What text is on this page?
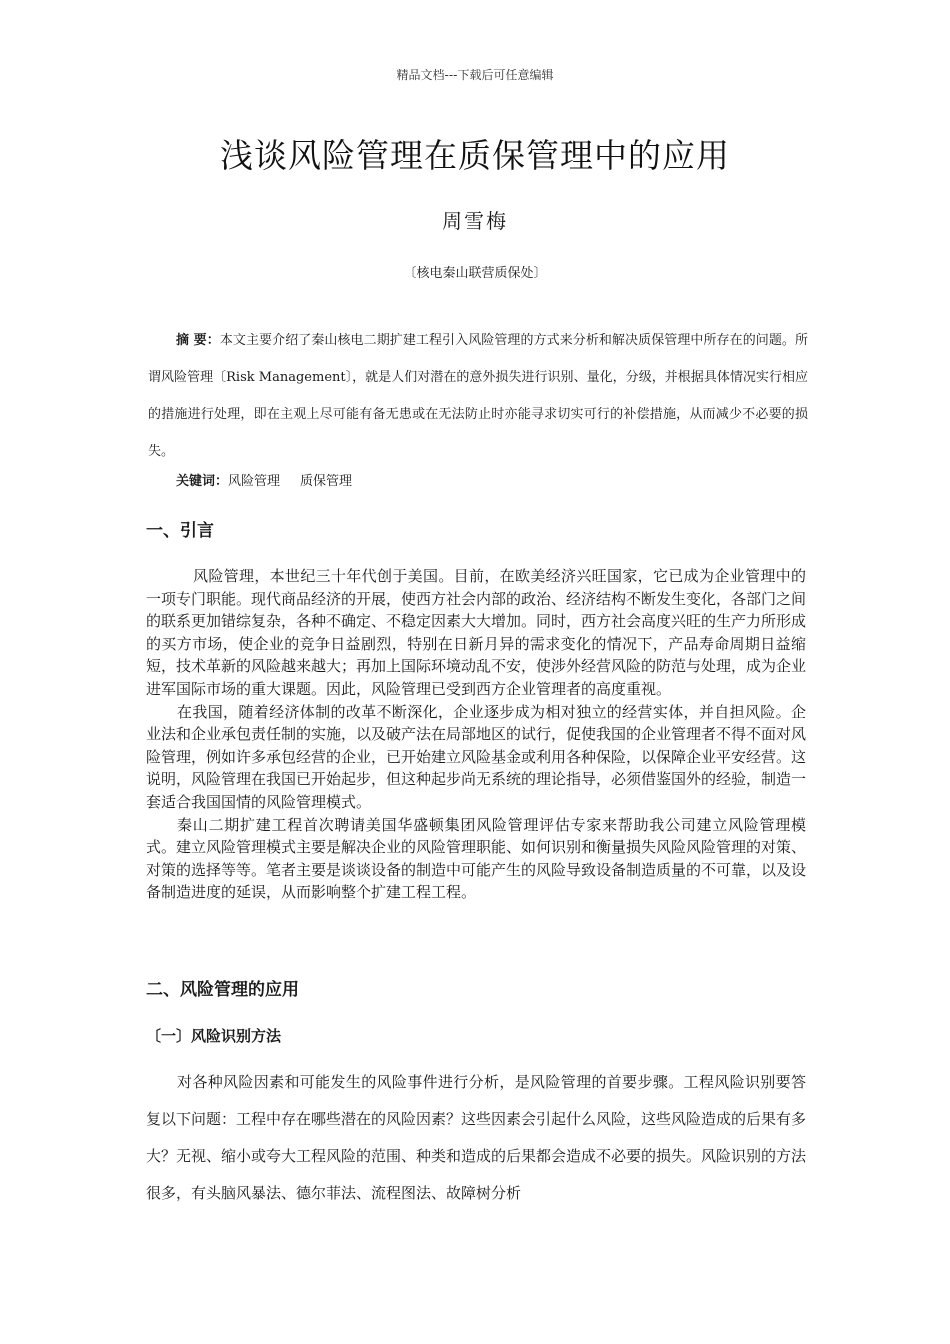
精品文档---下载后可任意编辑
浅谈风险管理在质保管理中的应用
周雪梅
〔核电秦山联营质保处〕
摘 要：本文主要介绍了秦山核电二期扩建工程引入风险管理的方式来分析和解决质保管理中所存在的问题。所谓风险管理〔Risk Management〕，就是人们对潜在的意外损失进行识别、量化，分级，并根据具体情况实行相应的措施进行处理，即在主观上尽可能有备无患或在无法防止时亦能寻求切实可行的补偿措施，从而减少不必要的损失。
关键词：风险管理 质保管理
一、引言

风险管理，本世纪三十年代创于美国。目前，在欧美经济兴旺国家，它已成为企业管理中的一项专门职能。现代商品经济的开展，使西方社会内部的政治、经济结构不断发生变化，各部门之间的联系更加错综复杂，各种不确定、不稳定因素大大增加。同时，西方社会高度兴旺的生产力所形成的买方市场，使企业的竞争日益剧烈，特别在日新月异的需求变化的情况下，产品寿命周期日益缩短，技术革新的风险越来越大；再加上国际环境动乱不安，使涉外经营风险的防范与处理，成为企业进军国际市场的重大课题。因此，风险管理已受到西方企业管理者的高度重视。

在我国，随着经济体制的改革不断深化，企业逐步成为相对独立的经营实体，并自担风险。企业法和企业承包责任制的实施，以及破产法在局部地区的试行，促使我国的企业管理者不得不面对风险管理，例如许多承包经营的企业，已开始建立风险基金或利用各种保险，以保障企业平安经营。这说明，风险管理在我国已开始起步，但这种起步尚无系统的理论指导，必须借鉴国外的经验，制造一套适合我国国情的风险管理模式。

秦山二期扩建工程首次聘请美国华盛顿集团风险管理评估专家来帮助我公司建立风险管理模式。建立风险管理模式主要是解决企业的风险管理职能、如何识别和衡量损失风险风险管理的对策、对策的选择等等。笔者主要是谈谈设备的制造中可能产生的风险导致设备制造质量的不可靠，以及设备制造进度的延误，从而影响整个扩建工程工程。

二、风险管理的应用
〔一〕风险识别方法

对各种风险因素和可能发生的风险事件进行分析，是风险管理的首要步骤。工程风险识别要答复以下问题：工程中存在哪些潜在的风险因素？这些因素会引起什么风险，这些风险造成的后果有多大？无视、缩小或夸大工程风险的范围、种类和造成的后果都会造成不必要的损失。风险识别的方法很多，有头脑风暴法、德尔菲法、流程图法、故障树分析
